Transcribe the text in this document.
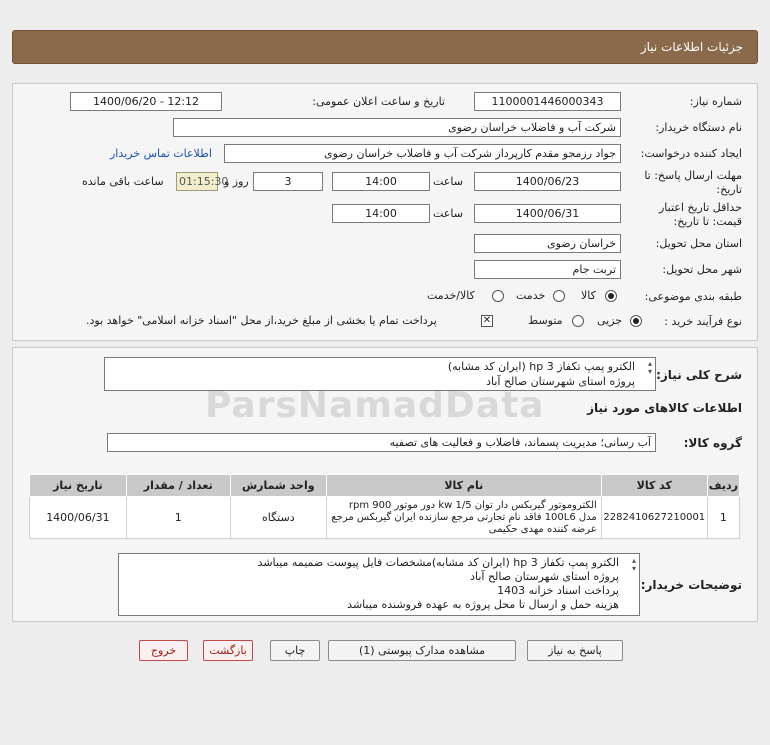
جزئیات اطلاعات نیاز
شماره نیاز:
1100001446000343
تاریخ و ساعت اعلان عمومی:
1400/06/20 - 12:12
نام دستگاه خریدار:
شرکت آب و فاضلاب خراسان رضوی
ایجاد کننده درخواست:
جواد رزمجو مقدم کارپرداز شرکت آب و فاضلاب خراسان رضوی
اطلاعات تماس خریدار
مهلت ارسال پاسخ: تا
تاریخ:
1400/06/23
ساعت
14:00
3
روز و
01:15:30
ساعت باقی مانده
حداقل تاریخ اعتبار
قیمت: تا تاریخ:
1400/06/31
ساعت
14:00
استان محل تحویل:
خراسان رضوی
شهر محل تحویل:
تربت جام
طبقه بندی موضوعی:
کالا
خدمت
کالا/خدمت
نوع فرآیند خرید :
جزیی
متوسط
✕
پرداخت تمام یا بخشی از مبلغ خرید،از محل "اسناد خزانه اسلامی" خواهد بود.
شرح کلی نیاز:
الکترو پمپ تکفاز 3 hp (ایران کد مشابه)
پروژه استای شهرستان صالح آباد
▴
▾
اطلاعات کالاهای مورد نیاز
گروه کالا:
آب رسانی؛ مدیریت پسماند، فاضلاب و فعالیت های تصفیه
ردیف	کد کالا	نام کالا	واحد شمارش	تعداد / مقدار	تاریخ نیاز
1	2282410627210001	الکتروموتور گیربکس دار توان kw 1/5 دور موتور rpm 900 مدل 100L6 فاقد نام تجارتی مرجع سازنده ایران گیربکس مرجع عرضه کننده مهدی حکیمی	دستگاه	1	1400/06/31
توضیحات خریدار:
الکترو پمپ تکفاز 3 hp (ایران کد مشابه)مشخصات فایل پیوست ضمیمه میباشد
پروژه استای شهرستان صالح آباد
پرداخت اسناد خزانه 1403
هزینه حمل و ارسال تا محل پروژه به عهده فروشنده میباشد
▴
▾
پاسخ به نیاز
مشاهده مدارک پیوستی (1)
چاپ
بازگشت
خروج
ParsNamadData
